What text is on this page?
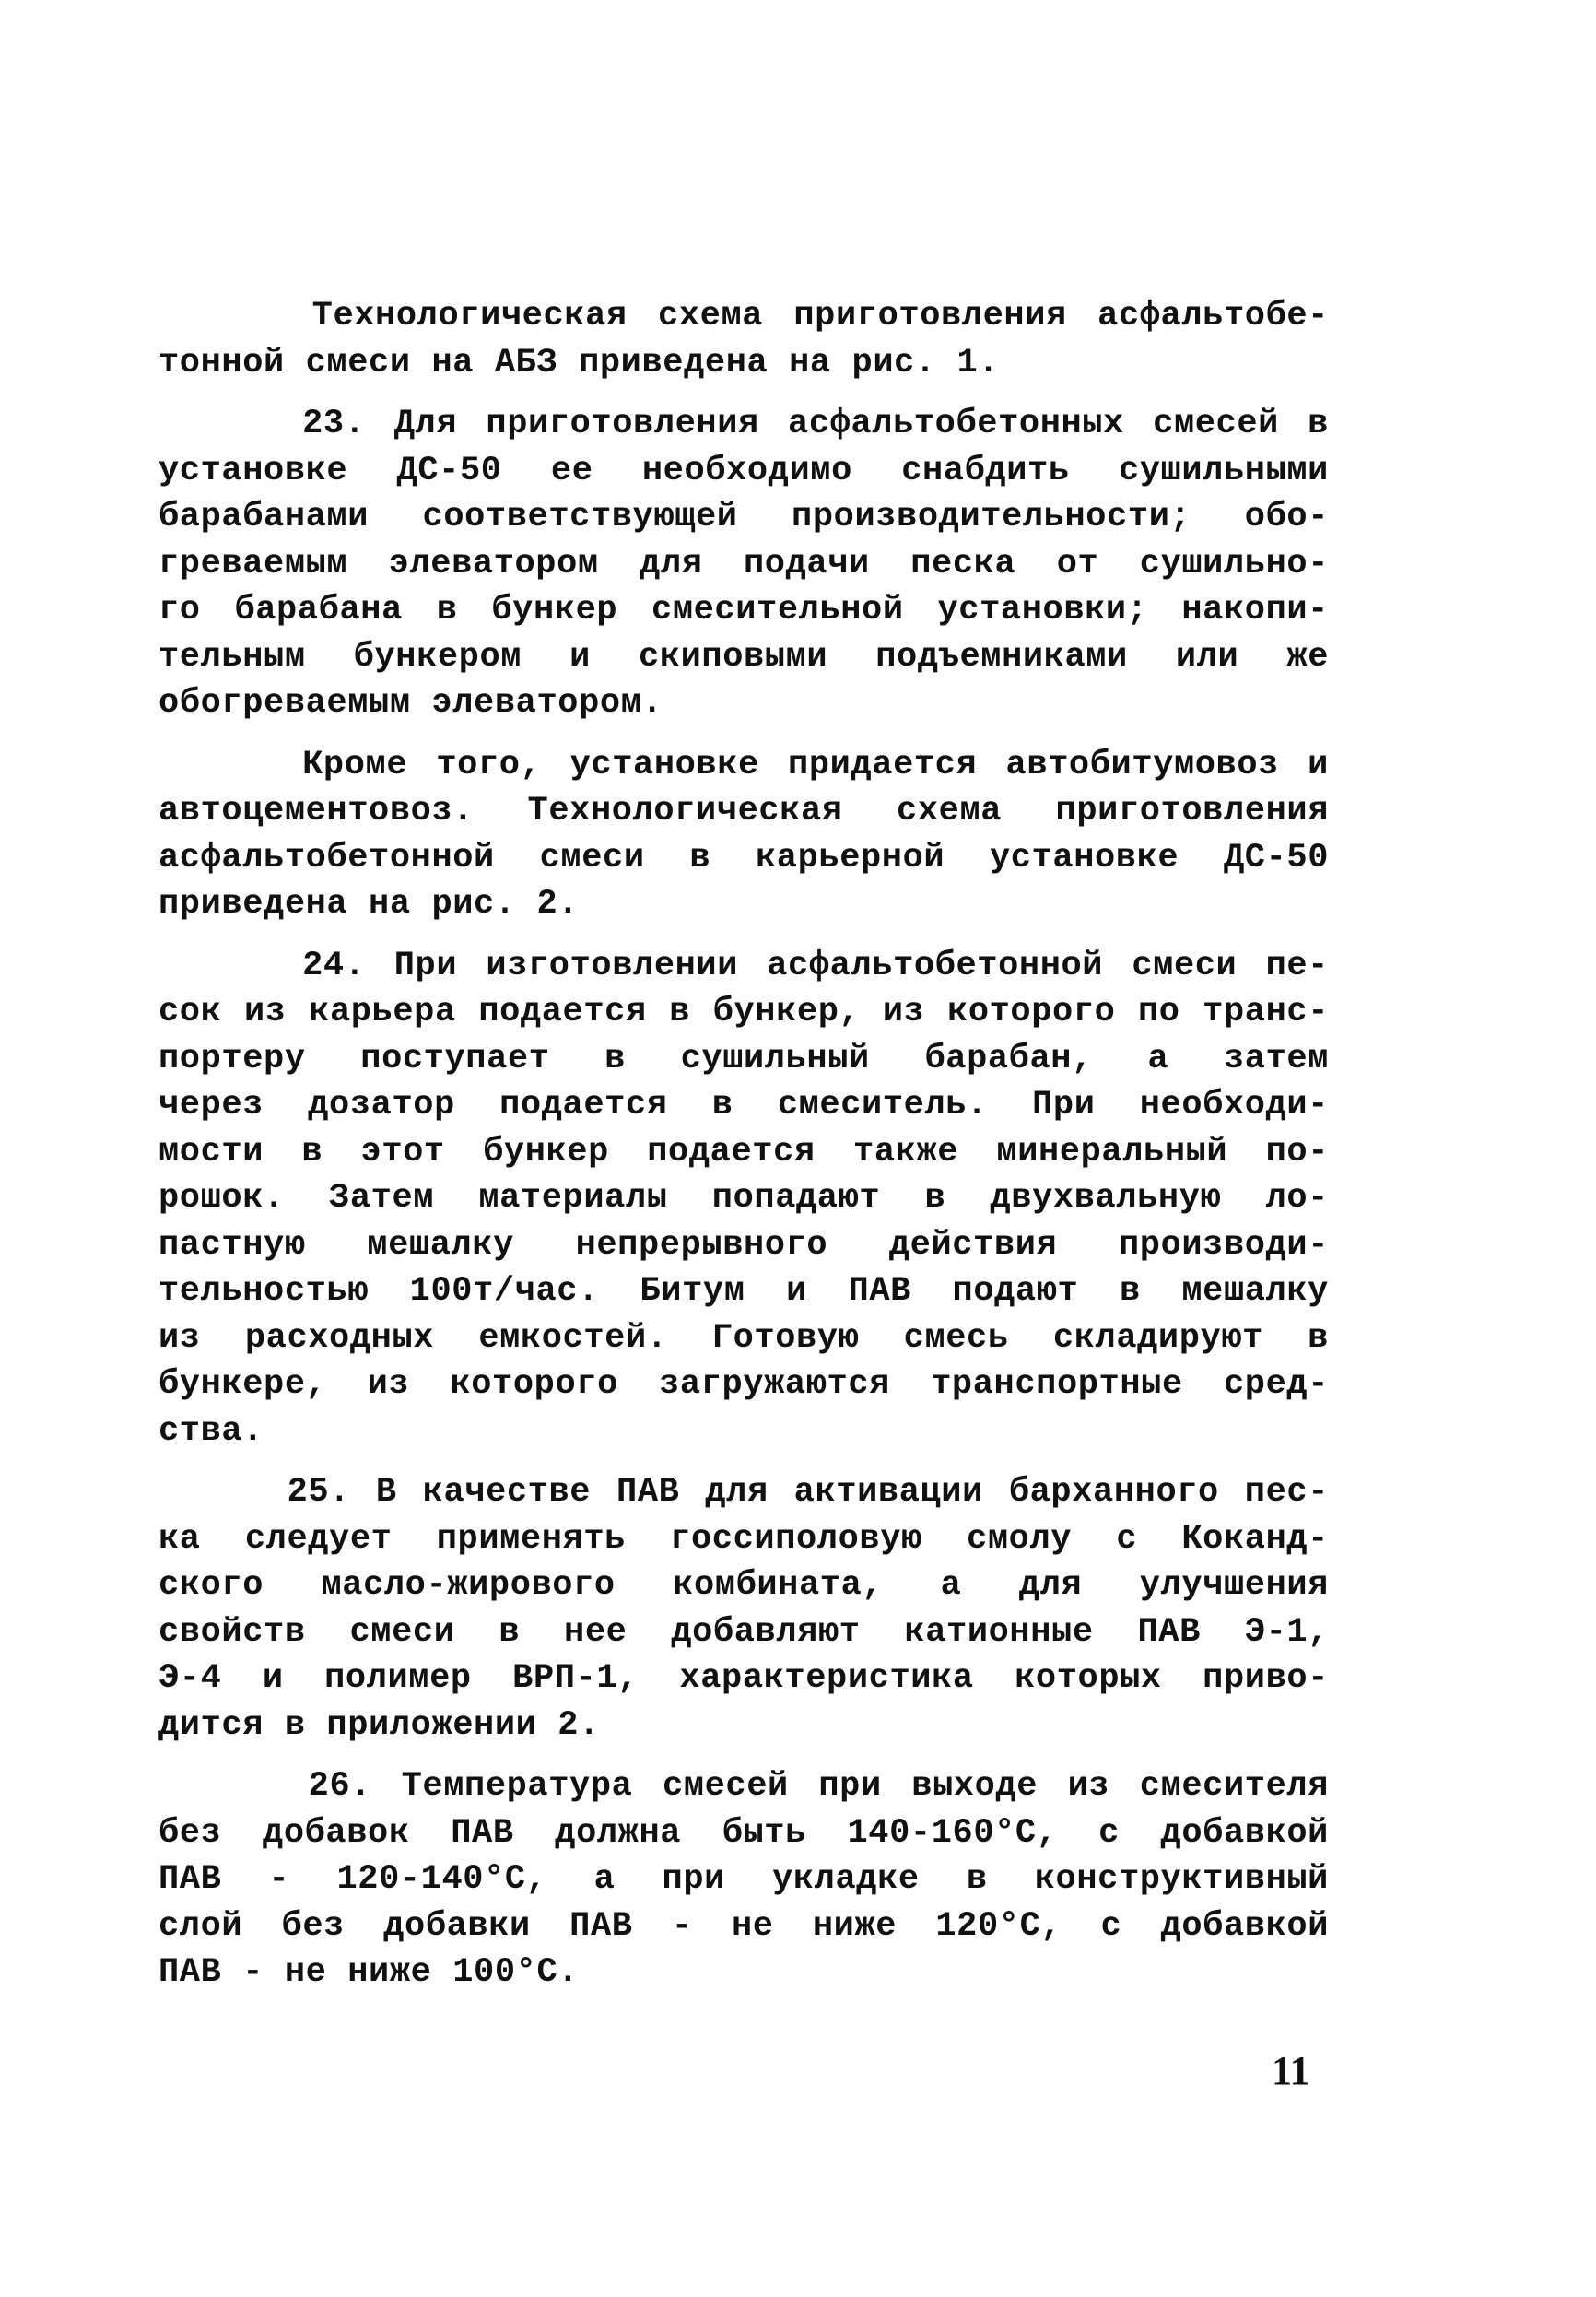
Технологическая схема приготовления асфальтобе-
тонной смеси на АБЗ приведена на рис. 1.
23. Для приготовления асфальтобетонных смесей в
установке ДС-50 ее необходимо снабдить сушильными
барабанами соответствующей производительности; обо-
греваемым элеватором для подачи песка от сушильно-
го барабана в бункер смесительной установки; накопи-
тельным бункером и скиповыми подъемниками или же
обогреваемым элеватором.
Кроме того, установке придается автобитумовоз и
автоцементовоз. Технологическая схема приготовления
асфальтобетонной смеси в карьерной установке ДС-50
приведена на рис. 2.
24. При изготовлении асфальтобетонной смеси пе-
сок из карьера подается в бункер, из которого по транс-
портеру поступает в сушильный барабан, а затем
через дозатор подается в смеситель. При необходи-
мости в этот бункер подается также минеральный по-
рошок. Затем материалы попадают в двухвальную ло-
пастную мешалку непрерывного действия производи-
тельностью 100т/час. Битум и ПАВ подают в мешалку
из расходных емкостей. Готовую смесь складируют в
бункере, из которого загружаются транспортные сред-
ства.
25. В качестве ПАВ для активации барханного пес-
ка следует применять госсиполовую смолу с Коканд-
ского масло-жирового комбината, а для улучшения
свойств смеси в нее добавляют катионные ПАВ Э-1,
Э-4 и полимер ВРП-1, характеристика которых приво-
дится в приложении 2.
26. Температура смесей при выходе из смесителя
без добавок ПАВ должна быть 140-160°С, с добавкой
ПАВ - 120-140°С, а при укладке в конструктивный
слой без добавки ПАВ - не ниже 120°С, с добавкой
ПАВ - не ниже 100°С.
11
